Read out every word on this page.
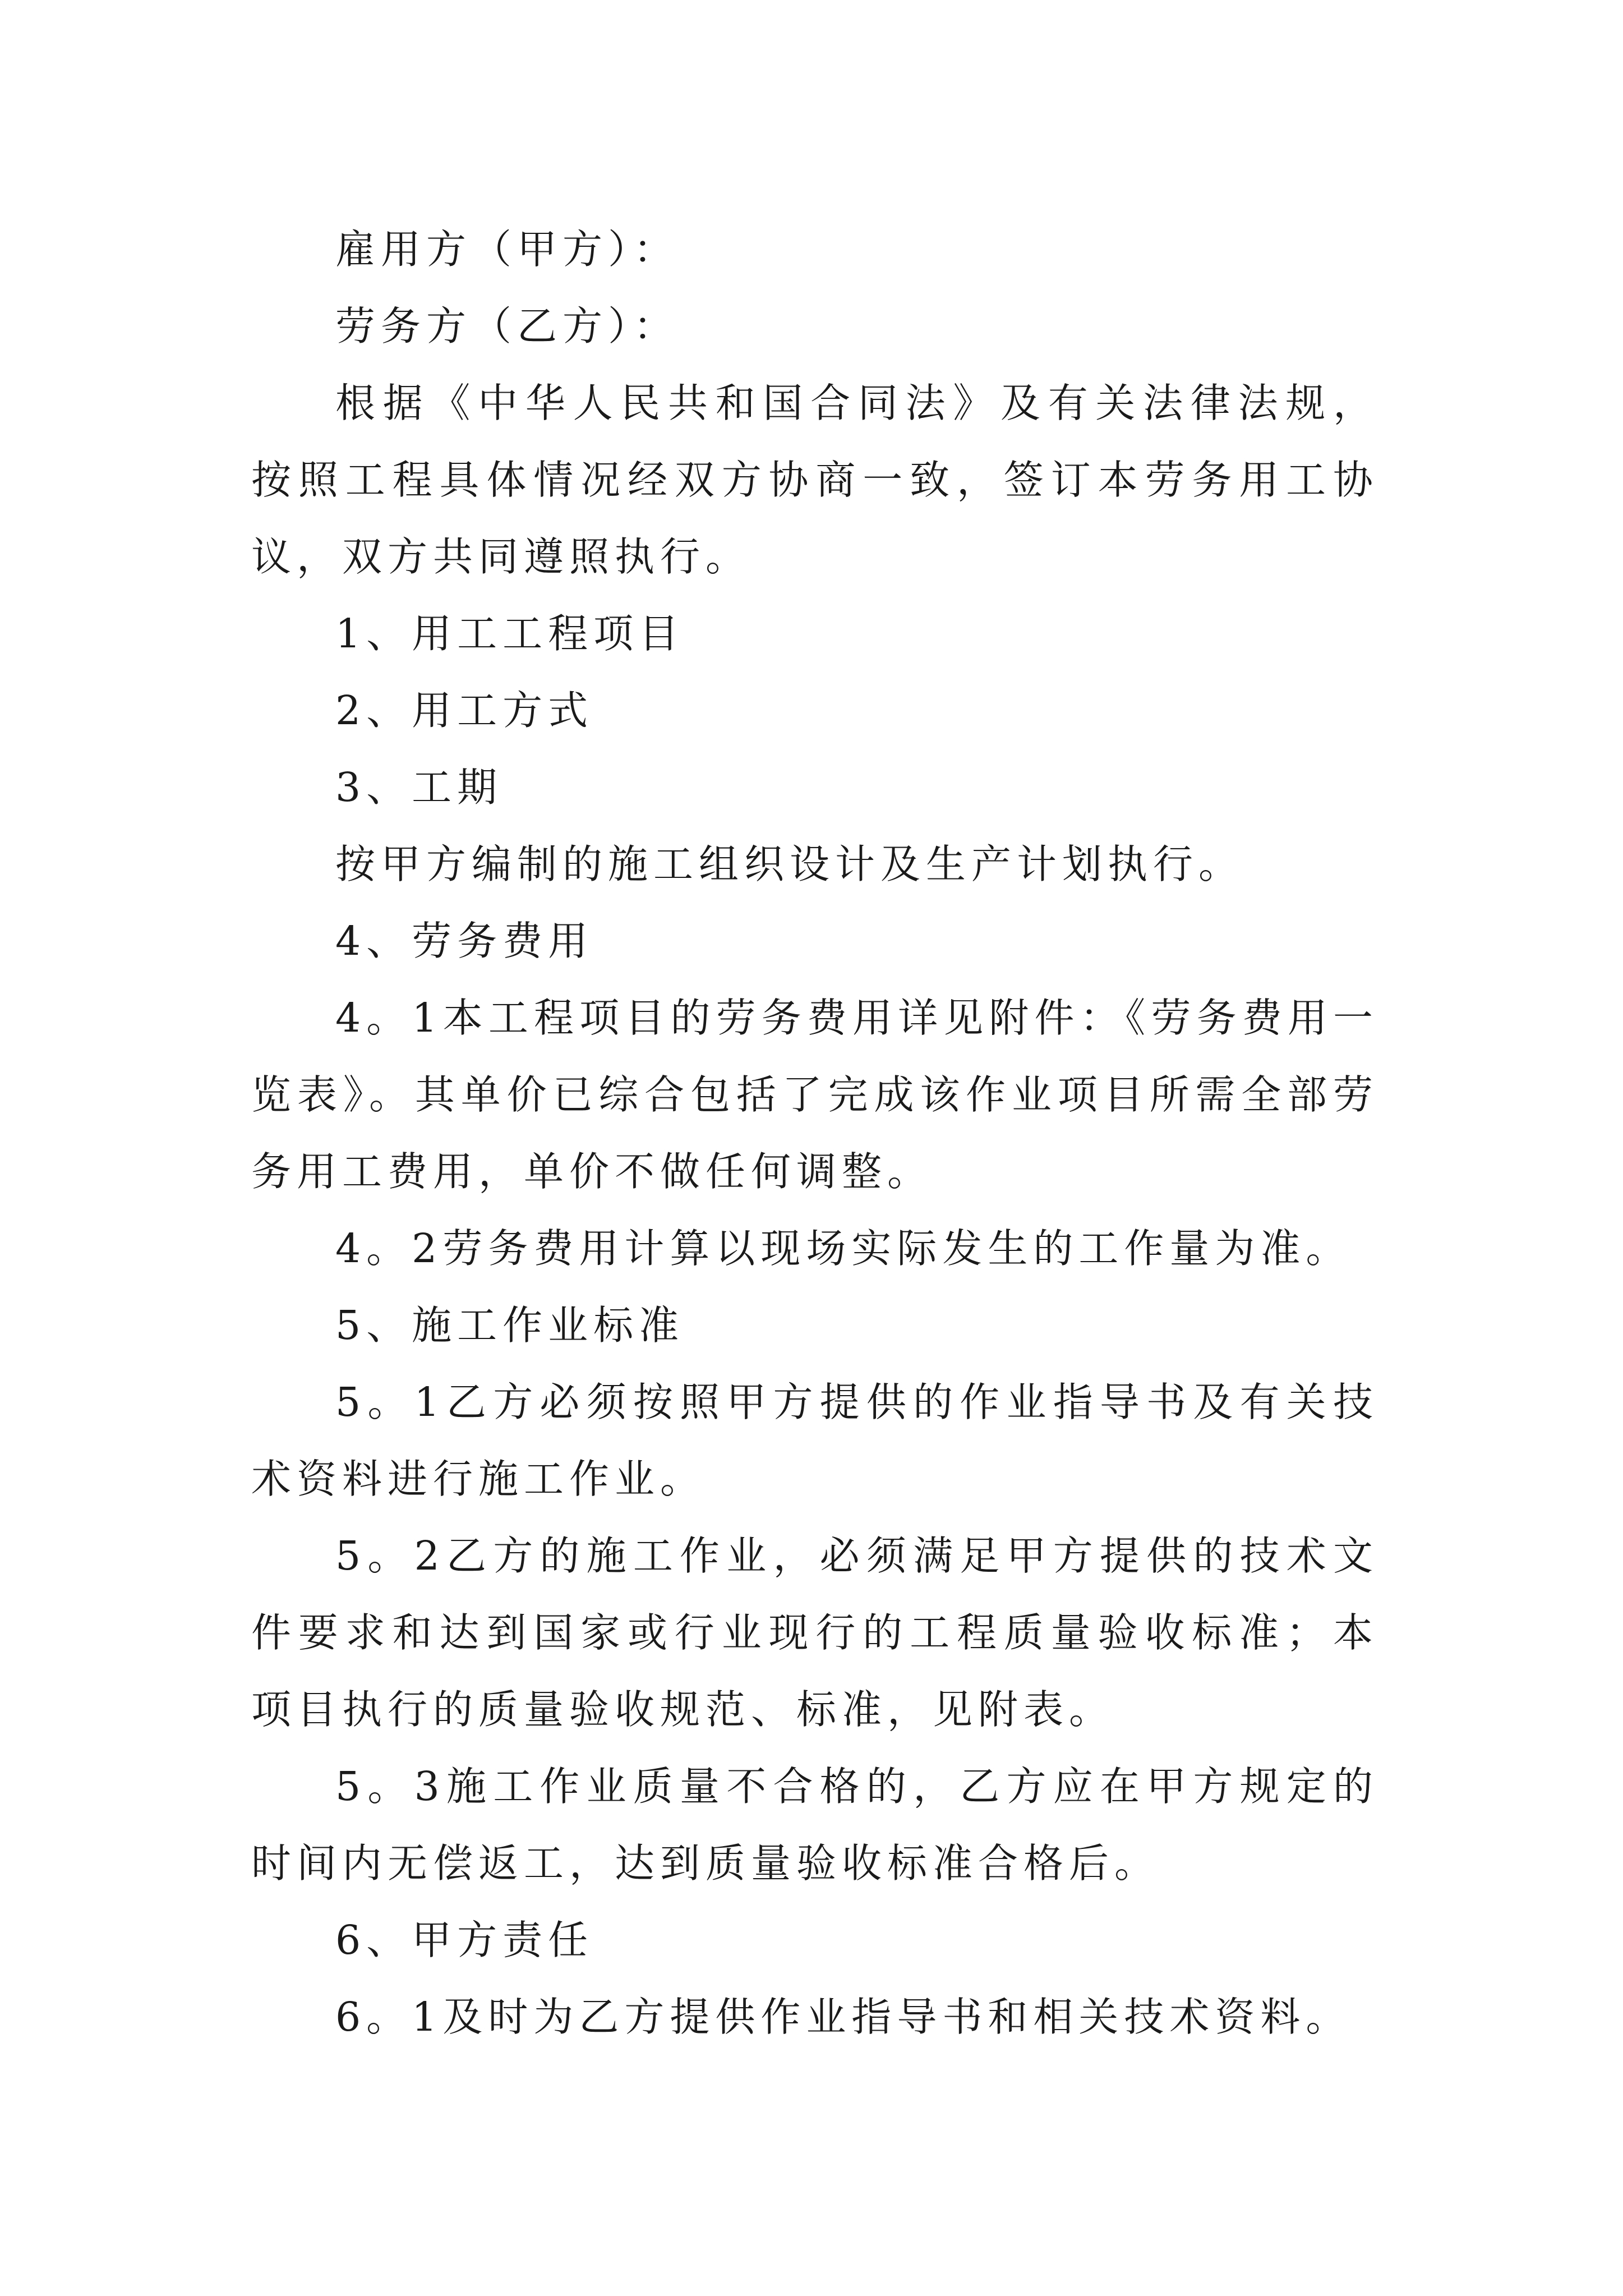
雇用方（甲方）：

劳务方（乙方）：

根据《中华人民共和国合同法》及有关法律法规，按照工程具体情况经双方协商一致，签订本劳务用工协议，双方共同遵照执行。

1、用工工程项目

2、用工方式

3、工期

按甲方编制的施工组织设计及生产计划执行。

4、劳务费用

4。1本工程项目的劳务费用详见附件：《劳务费用一览表》。其单价已综合包括了完成该作业项目所需全部劳务用工费用，单价不做任何调整。

4。2劳务费用计算以现场实际发生的工作量为准。

5、施工作业标准

5。1乙方必须按照甲方提供的作业指导书及有关技术资料进行施工作业。

5。2乙方的施工作业，必须满足甲方提供的技术文件要求和达到国家或行业现行的工程质量验收标准；本项目执行的质量验收规范、标准，见附表。

5。3施工作业质量不合格的，乙方应在甲方规定的时间内无偿返工，达到质量验收标准合格后。

6、甲方责任

6。1及时为乙方提供作业指导书和相关技术资料。
